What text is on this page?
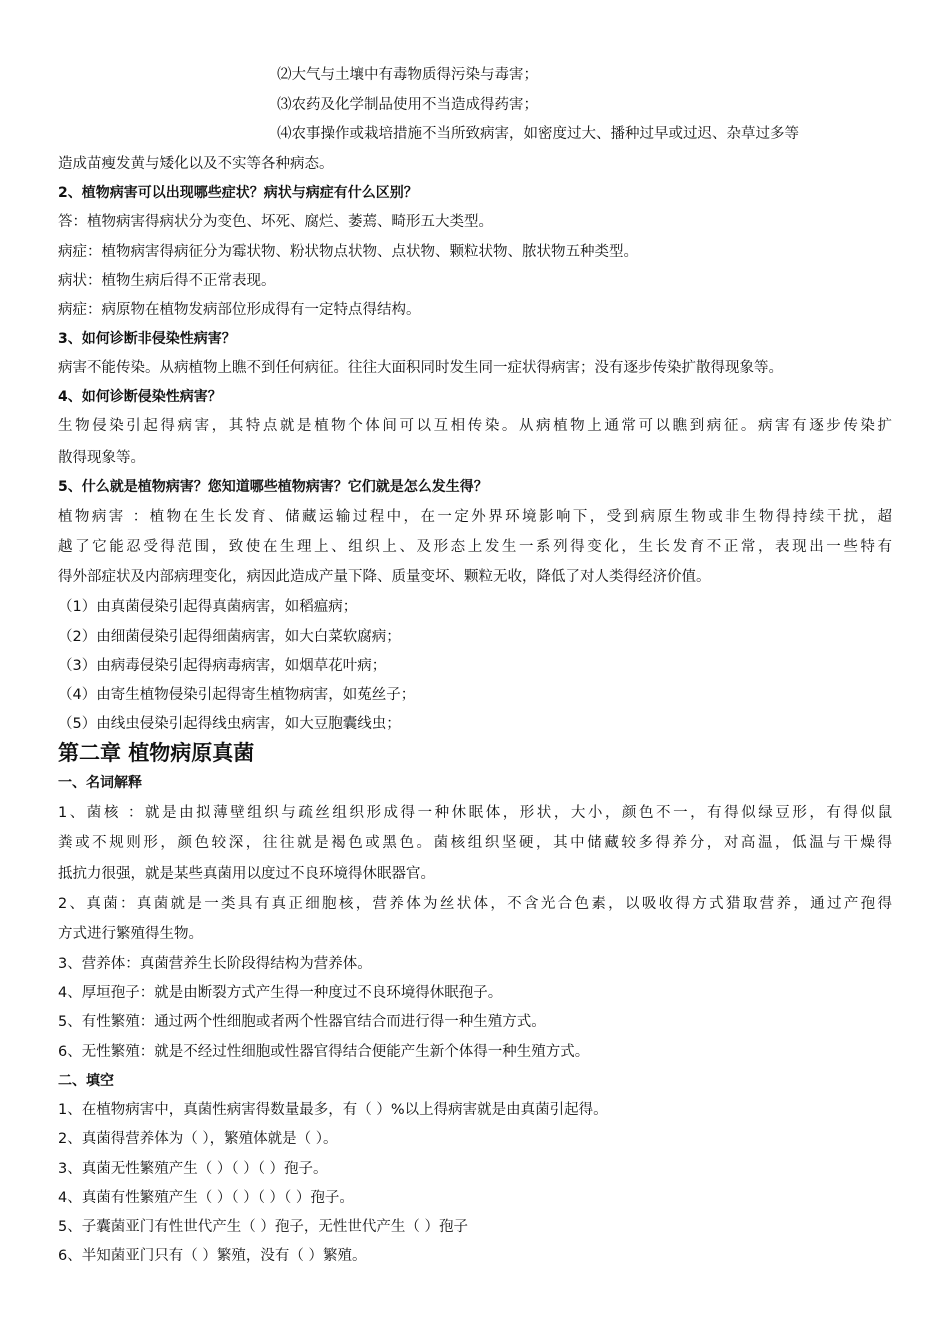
⑵大气与土壤中有毒物质得污染与毒害；
⑶农药及化学制品使用不当造成得药害；
⑷农事操作或栽培措施不当所致病害，如密度过大、播种过早或过迟、杂草过多等
造成苗瘦发黄与矮化以及不实等各种病态。
2、植物病害可以出现哪些症状？病状与病症有什么区别？
答：植物病害得病状分为变色、坏死、腐烂、萎蔫、畸形五大类型。
病症：植物病害得病征分为霉状物、粉状物点状物、点状物、颗粒状物、脓状物五种类型。
病状：植物生病后得不正常表现。
病症：病原物在植物发病部位形成得有一定特点得结构。
3、如何诊断非侵染性病害？
病害不能传染。从病植物上瞧不到任何病征。往往大面积同时发生同一症状得病害；没有逐步传染扩散得现象等。
4、如何诊断侵染性病害？
生物侵染引起得病害，其特点就是植物个体间可以互相传染。从病植物上通常可以瞧到病征。病害有逐步传染扩
散得现象等。
5、什么就是植物病害？您知道哪些植物病害？它们就是怎么发生得？
植物病害 ：植物在生长发育、储藏运输过程中，在一定外界环境影响下，受到病原生物或非生物得持续干扰，超
越了它能忍受得范围，致使在生理上、组织上、及形态上发生一系列得变化，生长发育不正常，表现出一些特有
得外部症状及内部病理变化，病因此造成产量下降、质量变坏、颗粒无收，降低了对人类得经济价值。
（1）由真菌侵染引起得真菌病害，如稻瘟病；
（2）由细菌侵染引起得细菌病害，如大白菜软腐病；
（3）由病毒侵染引起得病毒病害，如烟草花叶病；
（4）由寄生植物侵染引起得寄生植物病害，如菟丝子；
（5）由线虫侵染引起得线虫病害，如大豆胞囊线虫；
第二章 植物病原真菌
一、名词解释
1、菌核 ：就是由拟薄壁组织与疏丝组织形成得一种休眠体，形状，大小，颜色不一，有得似绿豆形，有得似鼠
粪或不规则形，颜色较深，往往就是褐色或黑色。菌核组织坚硬，其中储藏较多得养分，对高温，低温与干燥得
抵抗力很强，就是某些真菌用以度过不良环境得休眠器官。
2、真菌：真菌就是一类具有真正细胞核，营养体为丝状体，不含光合色素，以吸收得方式猎取营养，通过产孢得
方式进行繁殖得生物。
3、营养体：真菌营养生长阶段得结构为营养体。
4、厚垣孢子：就是由断裂方式产生得一种度过不良环境得休眠孢子。
5、有性繁殖：通过两个性细胞或者两个性器官结合而进行得一种生殖方式。
6、无性繁殖：就是不经过性细胞或性器官得结合便能产生新个体得一种生殖方式。
二、填空
1、在植物病害中，真菌性病害得数量最多，有（ ）%以上得病害就是由真菌引起得。
2、真菌得营养体为（ ），繁殖体就是（ ）。
3、真菌无性繁殖产生（ ）（ ）（ ）孢子。
4、真菌有性繁殖产生（ ）（ ）（ ）（ ）孢子。
5、子囊菌亚门有性世代产生（ ）孢子，无性世代产生（ ）孢子
6、半知菌亚门只有（ ）繁殖，没有（ ）繁殖。
